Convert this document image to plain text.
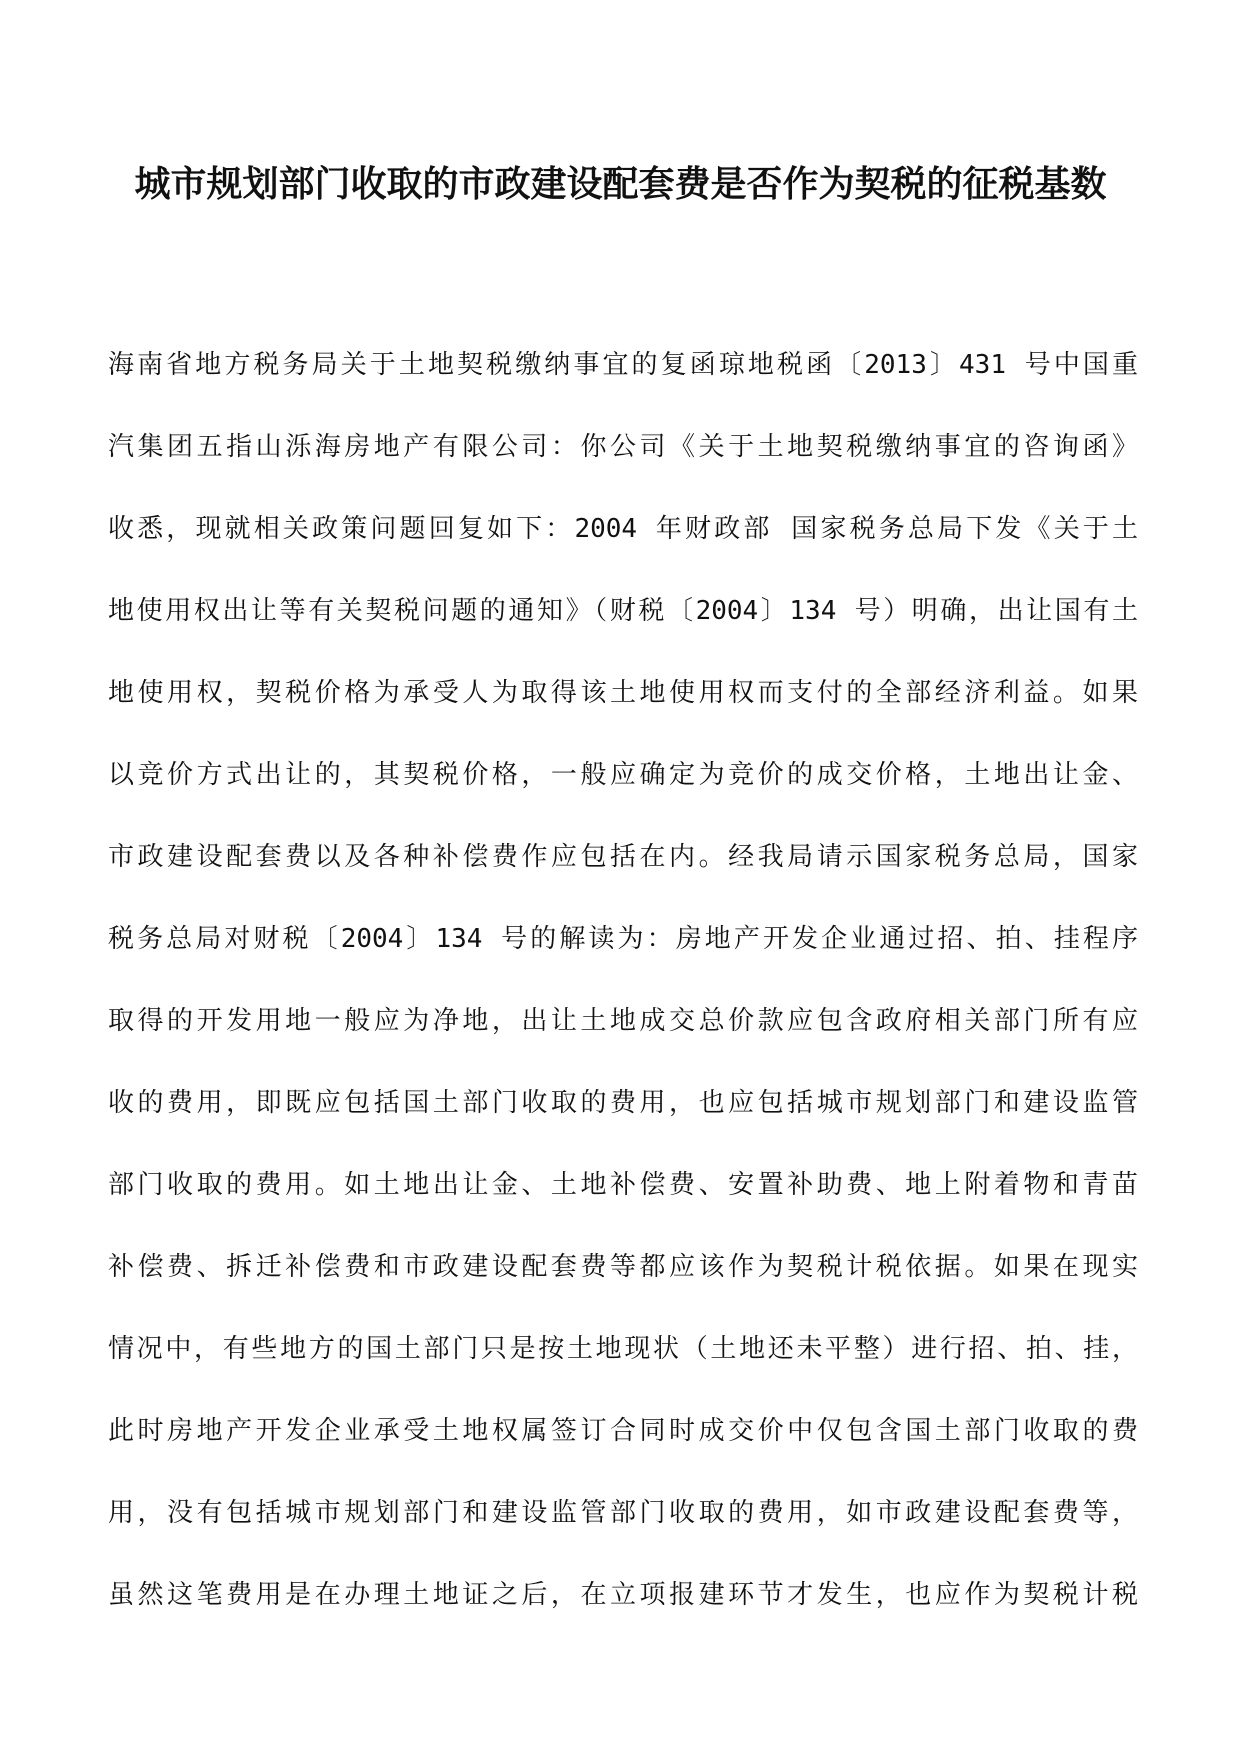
城市规划部门收取的市政建设配套费是否作为契税的征税基数
海南省地方税务局关于土地契税缴纳事宜的复函琼地税函〔2013〕431 号中国重
汽集团五指山泺海房地产有限公司：你公司《关于土地契税缴纳事宜的咨询函》
收悉，现就相关政策问题回复如下：2004 年财政部 国家税务总局下发《关于土
地使用权出让等有关契税问题的通知》（财税〔2004〕134 号）明确，出让国有土
地使用权，契税价格为承受人为取得该土地使用权而支付的全部经济利益。如果
以竞价方式出让的，其契税价格，一般应确定为竞价的成交价格，土地出让金、
市政建设配套费以及各种补偿费作应包括在内。经我局请示国家税务总局，国家
税务总局对财税〔2004〕134 号的解读为：房地产开发企业通过招、拍、挂程序
取得的开发用地一般应为净地，出让土地成交总价款应包含政府相关部门所有应
收的费用，即既应包括国土部门收取的费用，也应包括城市规划部门和建设监管
部门收取的费用。如土地出让金、土地补偿费、安置补助费、地上附着物和青苗
补偿费、拆迁补偿费和市政建设配套费等都应该作为契税计税依据。如果在现实
情况中，有些地方的国土部门只是按土地现状（土地还未平整）进行招、拍、挂，
此时房地产开发企业承受土地权属签订合同时成交价中仅包含国土部门收取的费
用，没有包括城市规划部门和建设监管部门收取的费用，如市政建设配套费等，
虽然这笔费用是在办理土地证之后，在立项报建环节才发生，也应作为契税计税
